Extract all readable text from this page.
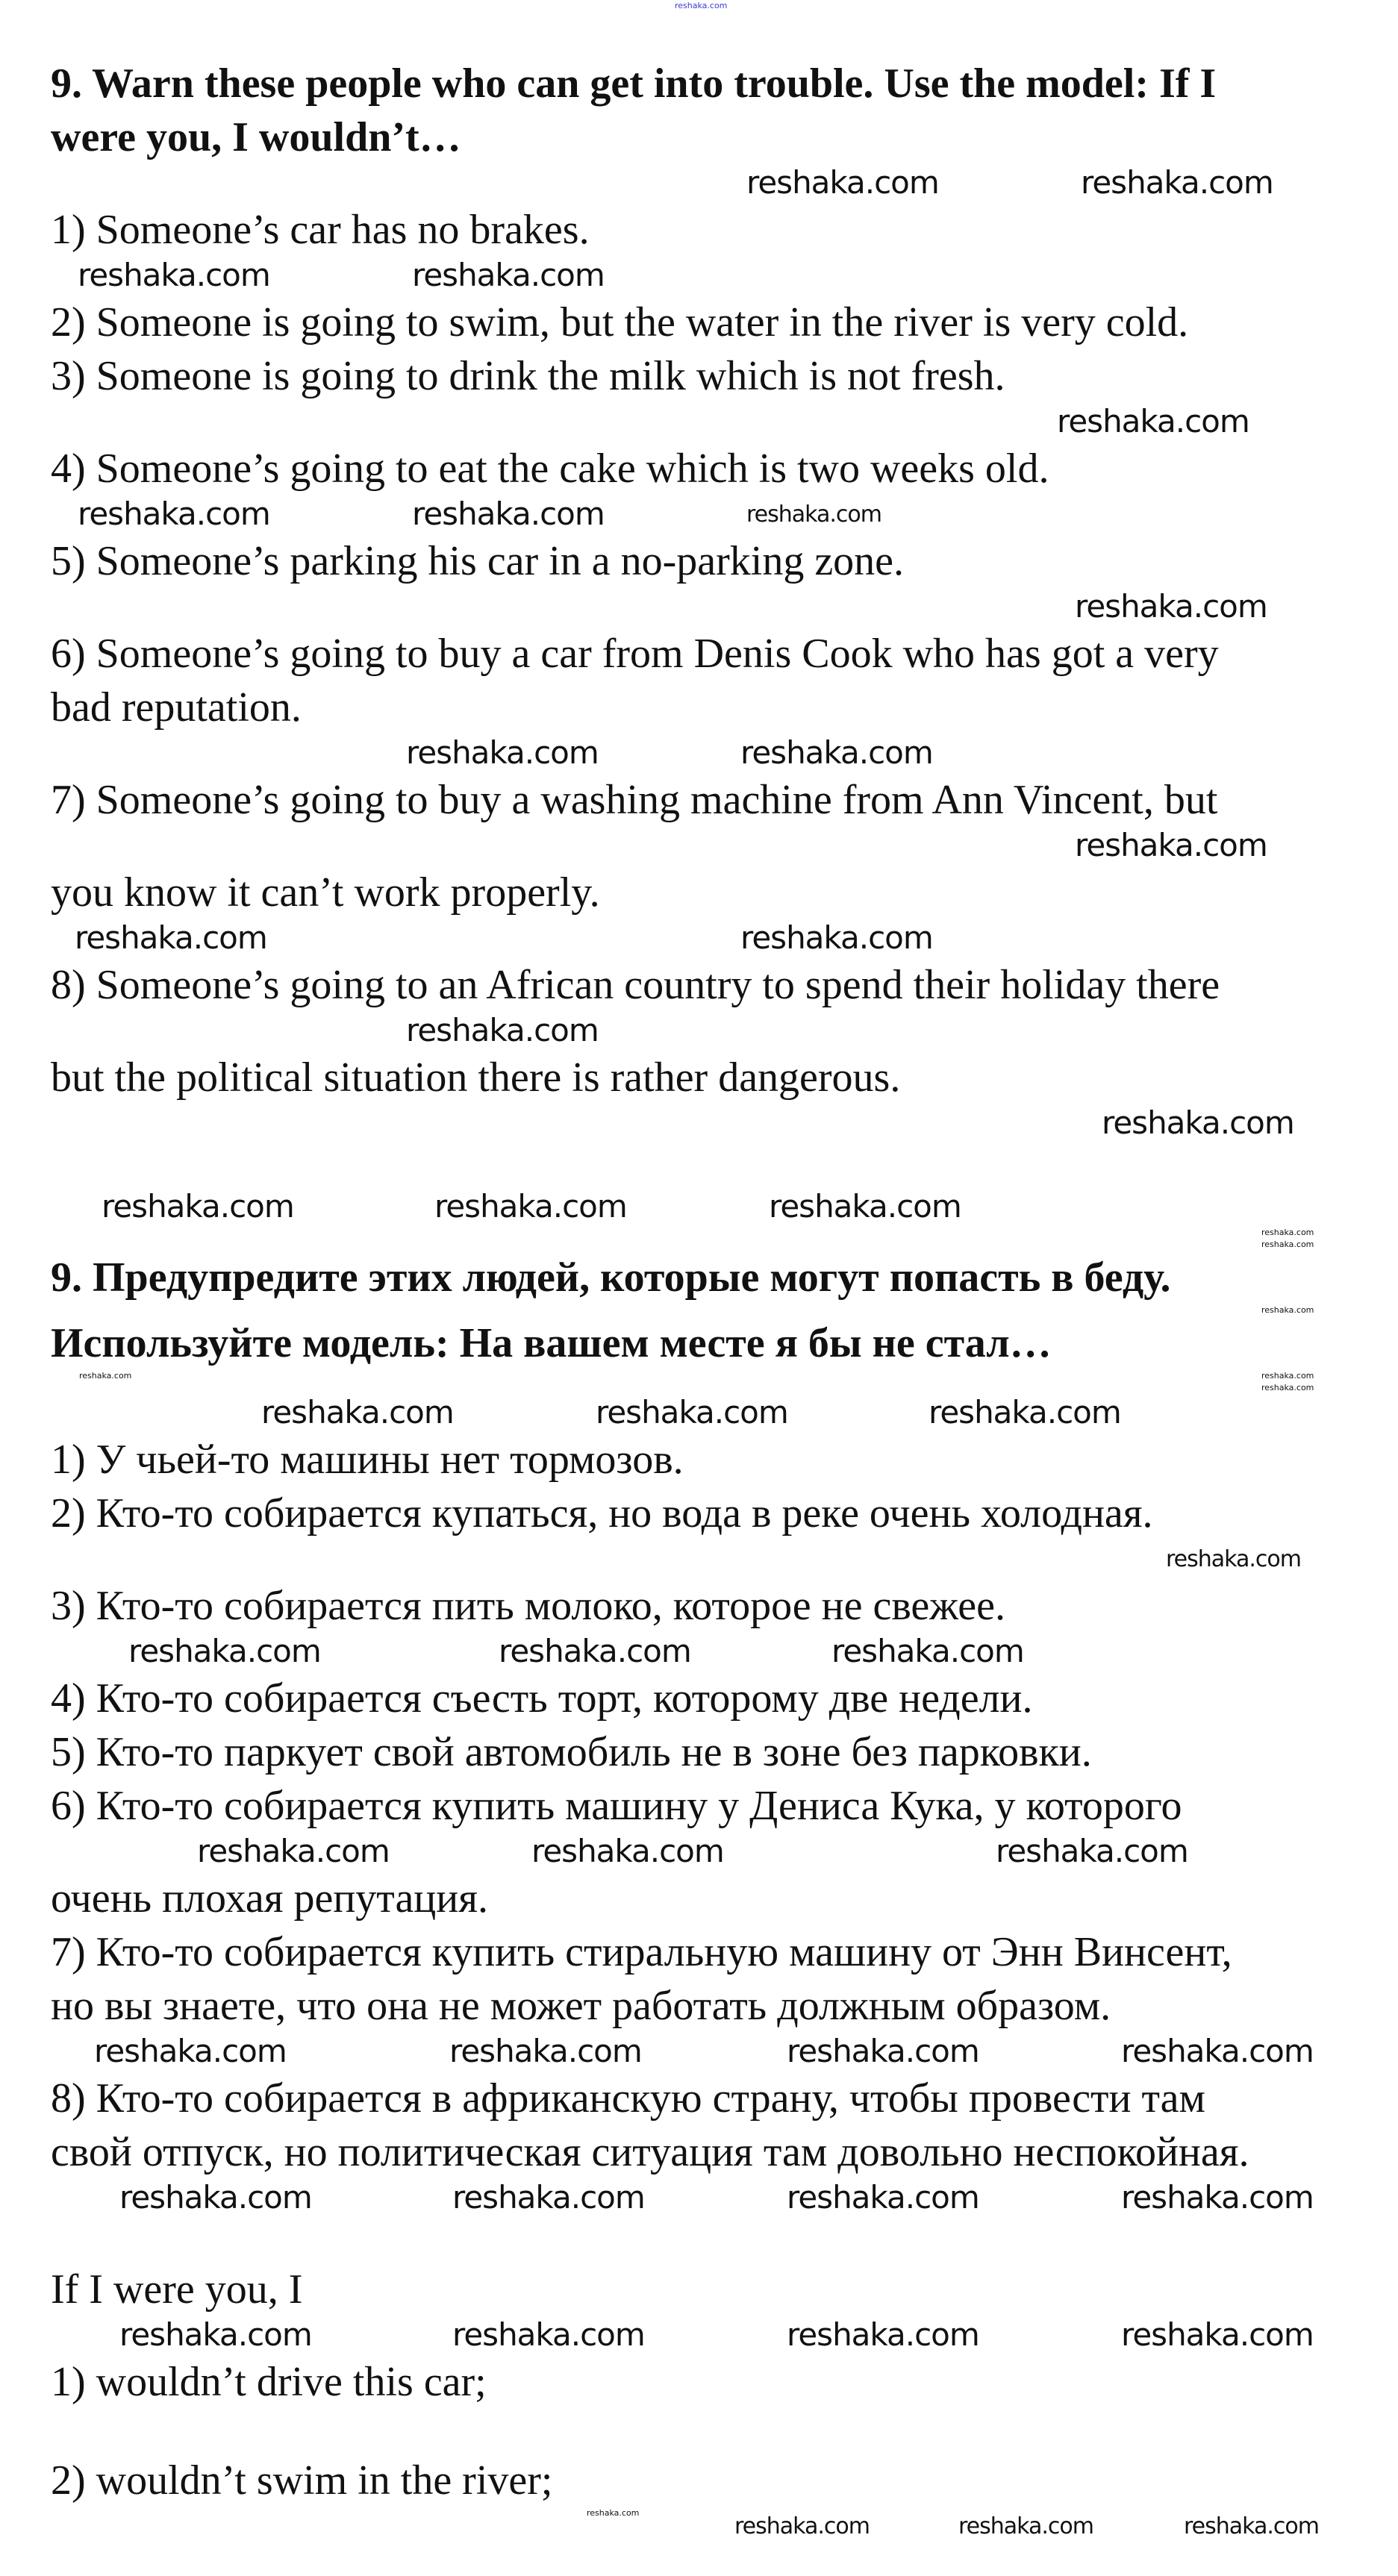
reshaka.com
9. Warn these people who can get into trouble. Use the model: If I
were you, I wouldn’t…
reshaka.com	reshaka.com
1) Someone’s car has no brakes.
reshaka.com	reshaka.com
2) Someone is going to swim, but the water in the river is very cold.
3) Someone is going to drink the milk which is not fresh.
reshaka.com
4) Someone’s going to eat the cake which is two weeks old.
reshaka.com	reshaka.com	reshaka.com
5) Someone’s parking his car in a no-parking zone.
reshaka.com
6) Someone’s going to buy a car from Denis Cook who has got a very
bad reputation.
reshaka.com	reshaka.com
7) Someone’s going to buy a washing machine from Ann Vincent, but
reshaka.com
you know it can’t work properly.
reshaka.com	reshaka.com
8) Someone’s going to an African country to spend their holiday there
reshaka.com
but the political situation there is rather dangerous.
reshaka.com
reshaka.com	reshaka.com	reshaka.com
reshaka.com
reshaka.com
9. Предупредите этих людей, которые могут попасть в беду.
reshaka.com
Используйте модель: На вашем месте я бы не стал…
reshaka.com	reshaka.com
reshaka.com
reshaka.com	reshaka.com	reshaka.com
1) У чьей-то машины нет тормозов.
2) Кто-то собирается купаться, но вода в реке очень холодная.
reshaka.com
3) Кто-то собирается пить молоко, которое не свежее.
reshaka.com	reshaka.com	reshaka.com
4) Кто-то собирается съесть торт, которому две недели.
5) Кто-то паркует свой автомобиль не в зоне без парковки.
6) Кто-то собирается купить машину у Дениса Кука, у которого
reshaka.com	reshaka.com	reshaka.com
очень плохая репутация.
7) Кто-то собирается купить стиральную машину от Энн Винсент,
но вы знаете, что она не может работать должным образом.
reshaka.com	reshaka.com	reshaka.com	reshaka.com
8) Кто-то собирается в африканскую страну, чтобы провести там
свой отпуск, но политическая ситуация там довольно неспокойная.
reshaka.com	reshaka.com	reshaka.com	reshaka.com
If I were you, I
reshaka.com	reshaka.com	reshaka.com	reshaka.com
1) wouldn’t drive this car;
2) wouldn’t swim in the river;
reshaka.com
reshaka.com	reshaka.com	reshaka.com
